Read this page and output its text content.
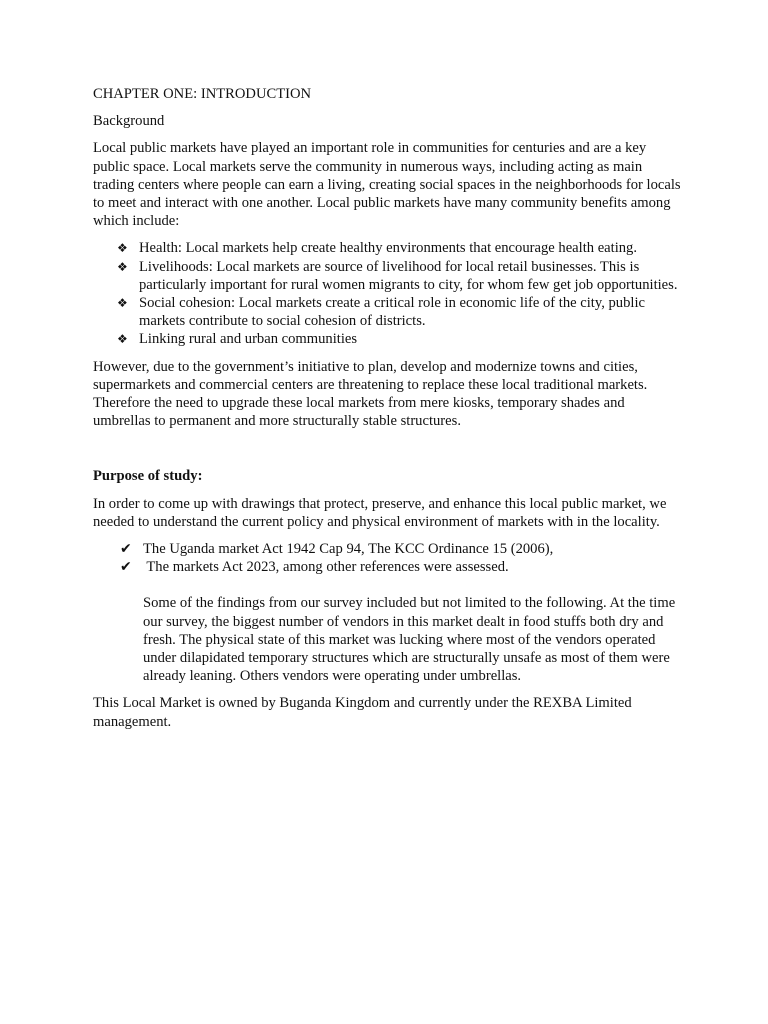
CHAPTER ONE: INTRODUCTION

Background

Local public markets have played an important role in communities for centuries and are a key public space. Local markets serve the community in numerous ways, including acting as main trading centers where people can earn a living, creating social spaces in the neighborhoods for locals to meet and interact with one another. Local public markets have many community benefits among which include:

❖ Health: Local markets help create healthy environments that encourage health eating.
❖ Livelihoods: Local markets are source of livelihood for local retail businesses. This is particularly important for rural women migrants to city, for whom few get job opportunities.
❖ Social cohesion: Local markets create a critical role in economic life of the city, public markets contribute to social cohesion of districts.
❖ Linking rural and urban communities

However, due to the government’s initiative to plan, develop and modernize towns and cities, supermarkets and commercial centers are threatening to replace these local traditional markets. Therefore the need to upgrade these local markets from mere kiosks, temporary shades and umbrellas to permanent and more structurally stable structures.

Purpose of study:

In order to come up with drawings that protect, preserve, and enhance this local public market, we needed to understand the current policy and physical environment of markets with in the locality.

✔ The Uganda market Act 1942 Cap 94, The KCC Ordinance 15 (2006),
✔ The markets Act 2023, among other references were assessed.

Some of the findings from our survey included but not limited to the following. At the time our survey, the biggest number of vendors in this market dealt in food stuffs both dry and fresh. The physical state of this market was lucking where most of the vendors operated under dilapidated temporary structures which are structurally unsafe as most of them were already leaning. Others vendors were operating under umbrellas.

This Local Market is owned by Buganda Kingdom and currently under the REXBA Limited management.
